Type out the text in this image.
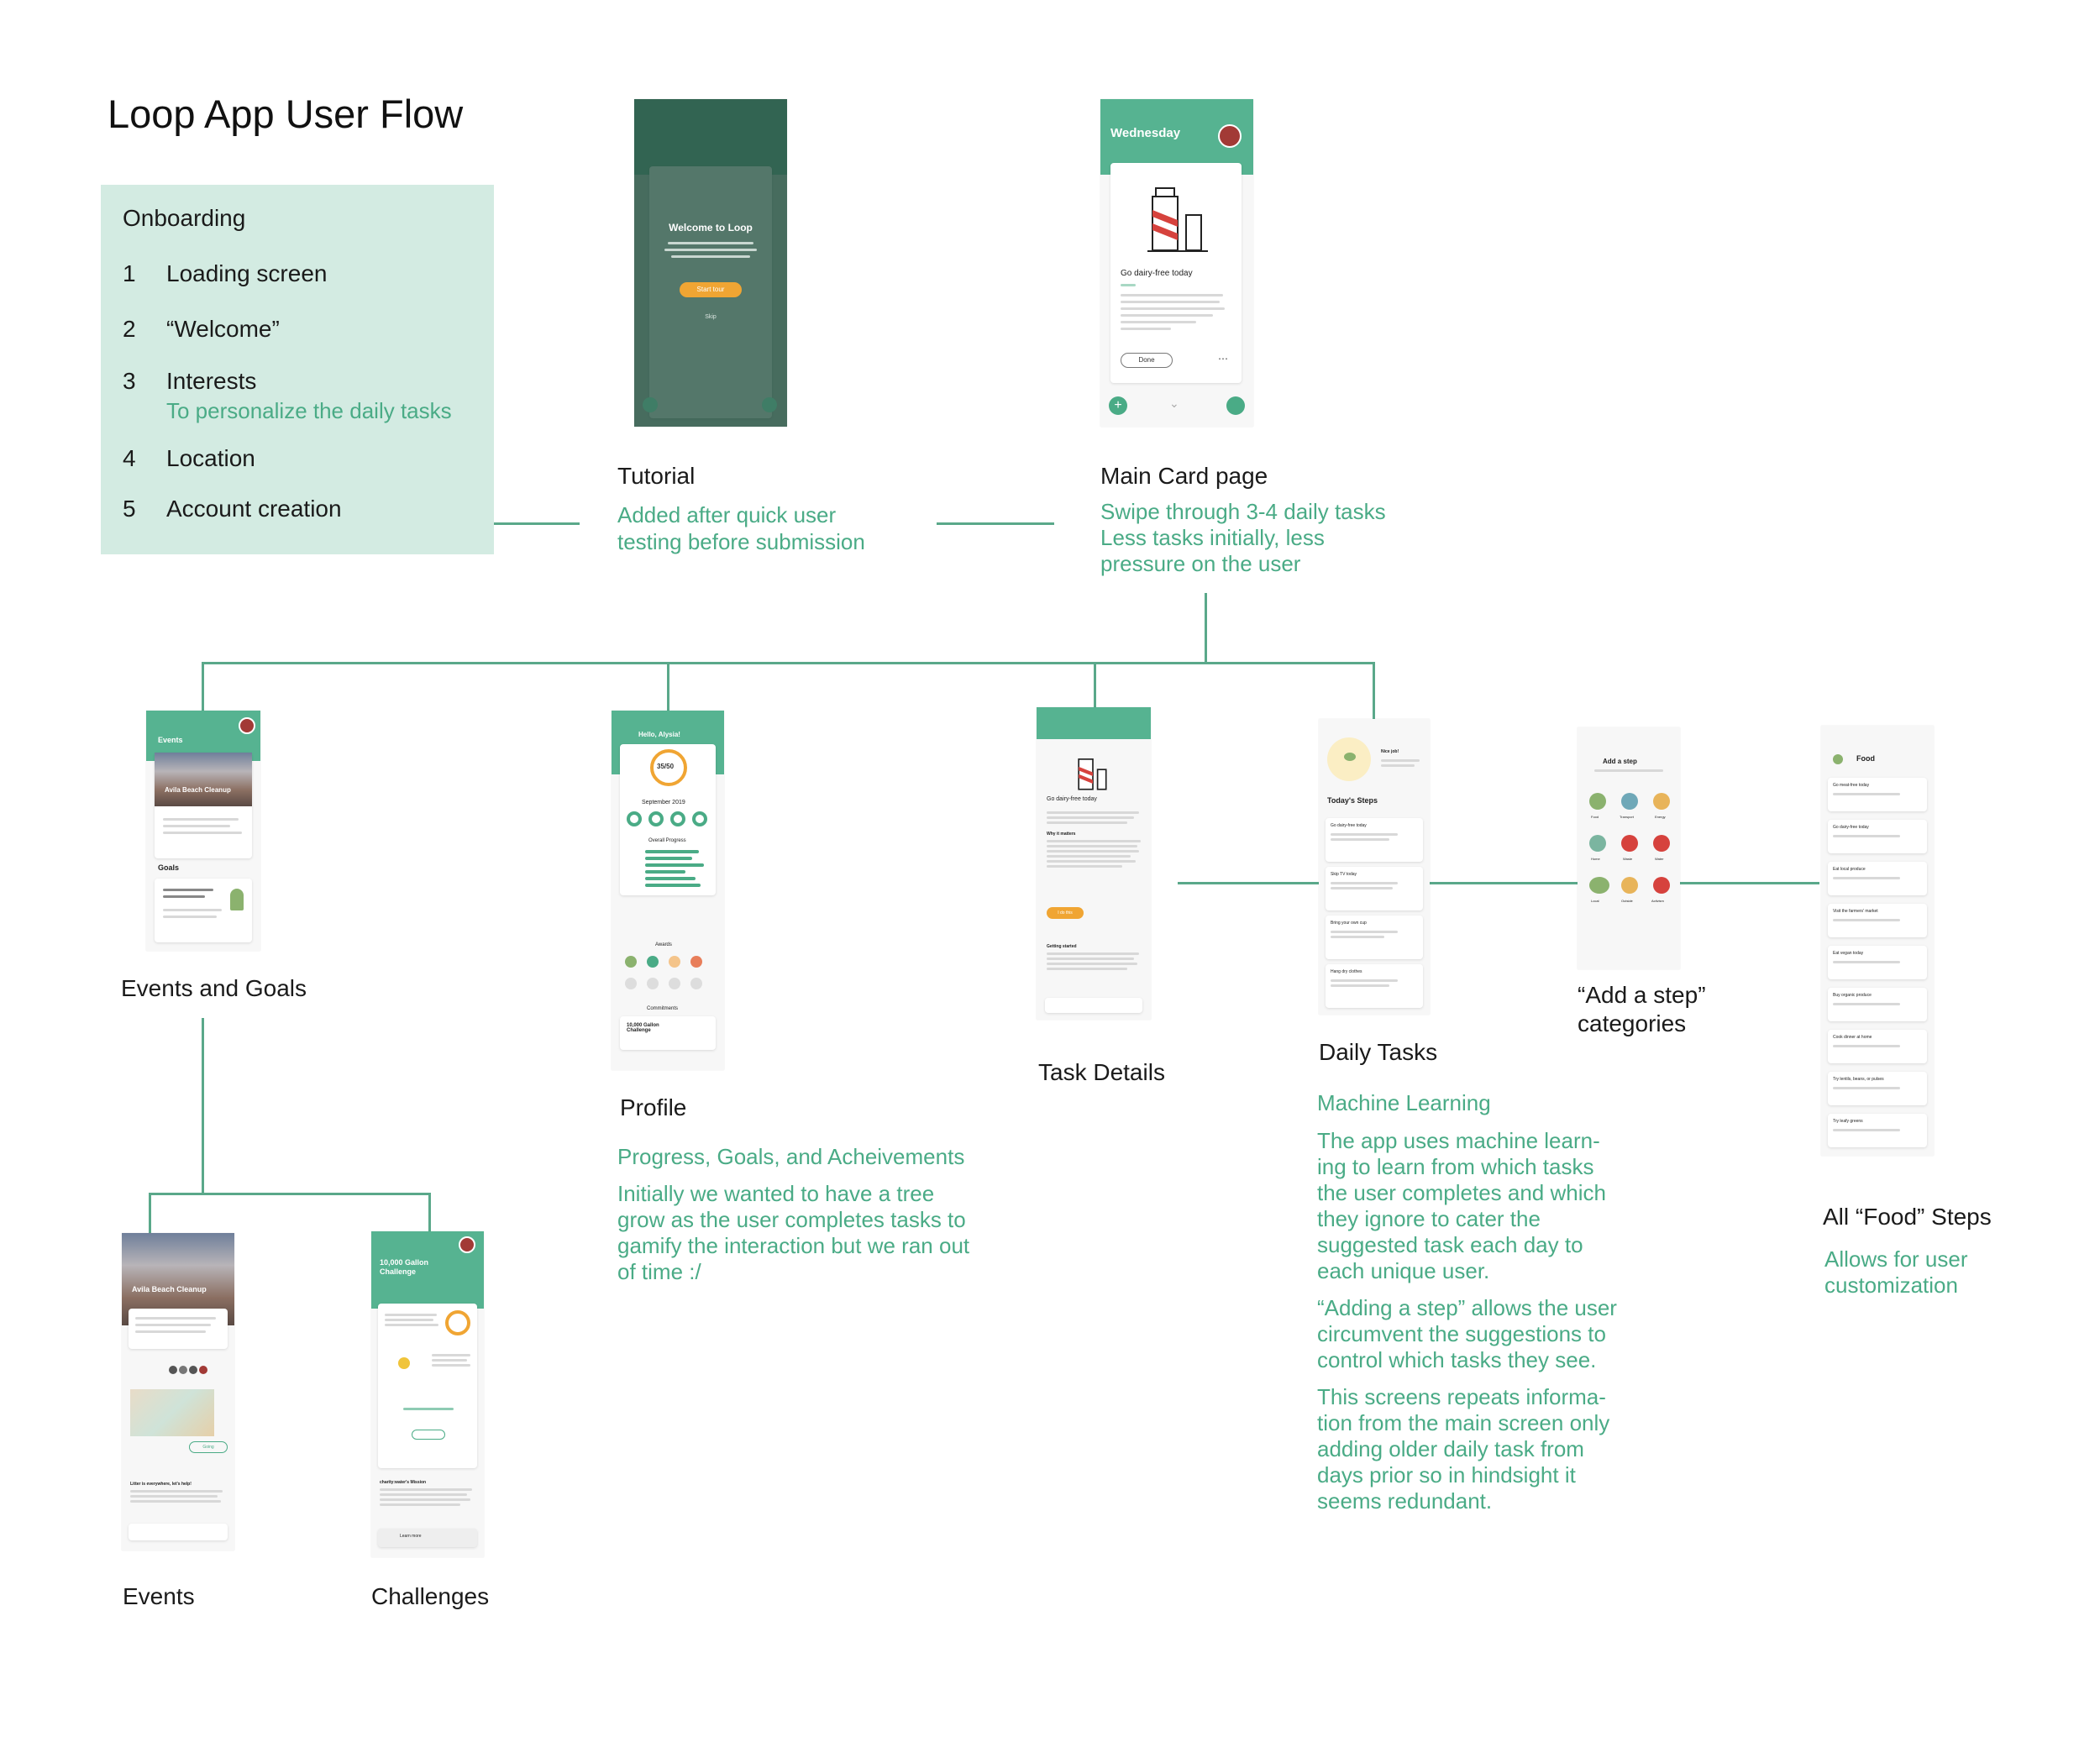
Loop App User Flow
Onboarding
1 Loading screen
2 “Welcome”
3 Interests
To personalize the daily tasks
4 Location
5 Account creation
Welcome to Loop
Start tour
Skip
Tutorial
Added after quick user
testing before submission
Wednesday
Go dairy-free today
Done	⋯
+	⌄
Main Card page
Swipe through 3-4 daily tasks
Less tasks initially, less
pressure on the user
Events
Avila Beach Cleanup
Goals
Events and Goals
Hello, Alysia!
35/50
September 2019
Overall Progress
Awards
Commitments
10,000 Gallon Challenge
Profile
Progress, Goals, and Acheivements
Initially we wanted to have a tree
grow as the user completes tasks to
gamify the interaction but we ran out
of time :/
Go dairy-free today
Why it matters
I do this
Getting started
Task Details
Nice job!
Today's Steps
Go dairy-free today
Skip TV today
Bring your own cup
Hang dry clothes
Daily Tasks
Machine Learning
The app uses machine learn-
ing to learn from which tasks
the user completes and which
they ignore to cater the
suggested task each day to
each unique user.
“Adding a step” allows the user
circumvent the suggestions to
control which tasks they see.
This screens repeats informa-
tion from the main screen only
adding older daily task from
days prior so in hindsight it
seems redundant.
Add a step
Food	Transport	Energy
Home	Waste	Water
Local	Outside	Activism
“Add a step”
categories
Food
Go meat-free today
Go dairy-free today
Eat local produce
Visit the farmers' market
Eat vegan today
Buy organic produce
Cook dinner at home
Try lentils, beans, or pulses
Try leafy greens
All “Food” Steps
Allows for user
customization
Avila Beach Cleanup
Going
Litter is everywhere, let's help!
Events
10,000 Gallon Challenge
charity:water's Mission
Learn more
Challenges
